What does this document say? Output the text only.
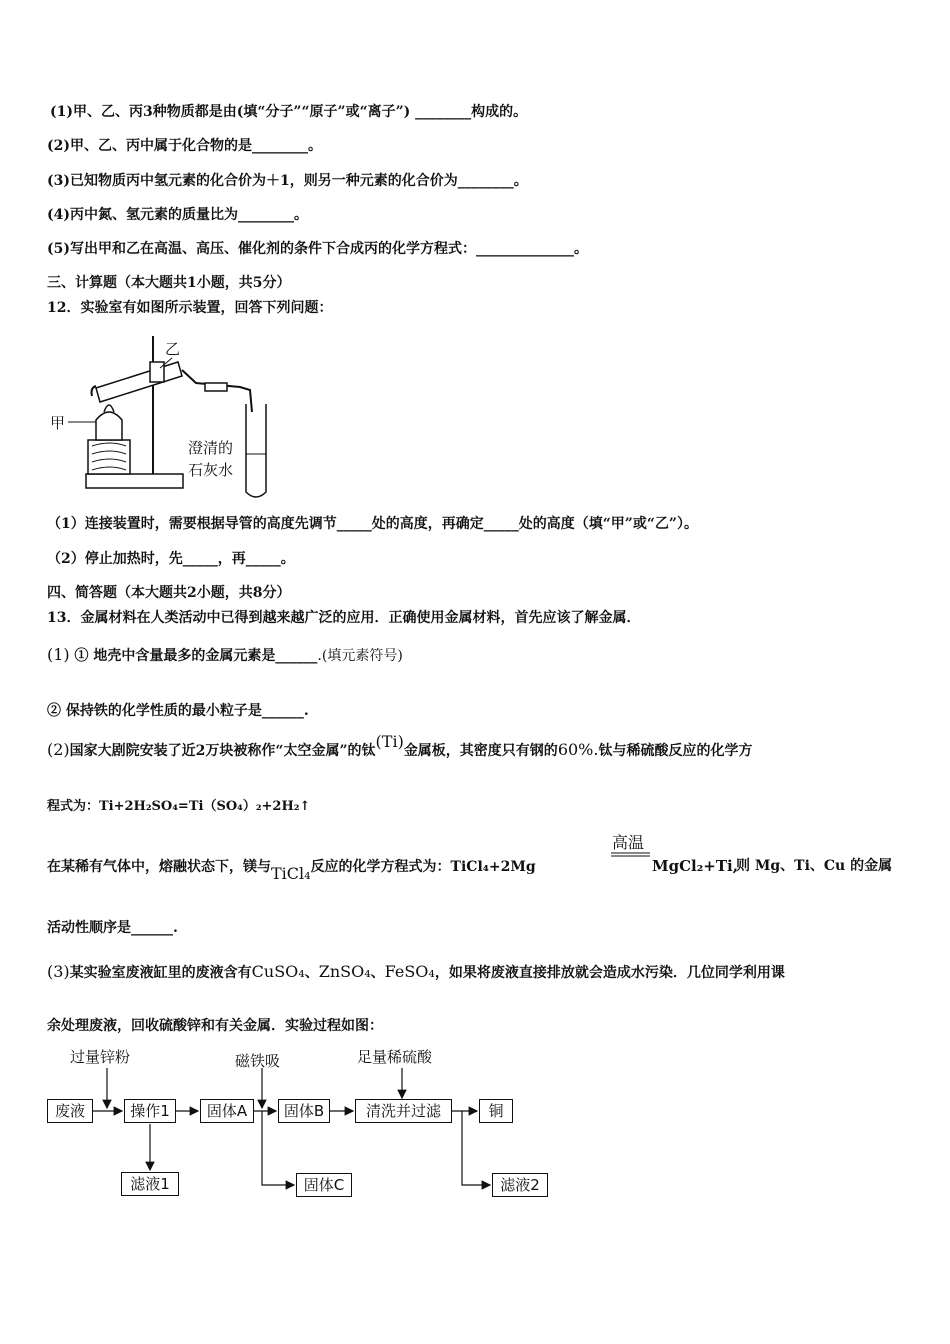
(1)甲、乙、丙3种物质都是由(填“分子”“原子”或“离子”) ________构成的。
(2)甲、乙、丙中属于化合物的是________。
(3)已知物质丙中氢元素的化合价为＋1，则另一种元素的化合价为________。
(4)丙中氮、氢元素的质量比为________。
(5)写出甲和乙在高温、高压、催化剂的条件下合成丙的化学方程式：______________。
三、计算题（本大题共1小题，共5分）
12．实验室有如图所示装置，回答下列问题：
乙
甲
澄清的
石灰水
（1）连接装置时，需要根据导管的高度先调节_____处的高度，再确定_____处的高度（填“甲”或“乙”）。
（2）停止加热时，先_____，再_____。
四、简答题（本大题共2小题，共8分）
13．金属材料在人类活动中已得到越来越广泛的应用．正确使用金属材料，首先应该了解金属．
(1) ① 地壳中含量最多的金属元素是______.(填元素符号)
② 保持铁的化学性质的最小粒子是______.
(2)国家大剧院安装了近2万块被称作“太空金属”的钛(Ti)金属板，其密度只有钢的60%.钛与稀硫酸反应的化学方
程式为：Ti+2H₂SO₄=Ti（SO₄）₂+2H₂↑
在某稀有气体中，熔融状态下，镁与TiCl₄反应的化学方程式为：TiCl₄+2Mg
高温
MgCl₂+Ti,
则 Mg、Ti、Cu 的金属
活动性顺序是______.
(3)某实验室废液缸里的废液含有CuSO₄、ZnSO₄、FeSO₄，如果将废液直接排放就会造成水污染．几位同学利用课
余处理废液，回收硫酸锌和有关金属．实验过程如图：
过量锌粉	磁铁吸	足量稀硫酸
废液	操作1	固体A	固体B	清洗并过滤	铜
滤液1	固体C	滤液2
